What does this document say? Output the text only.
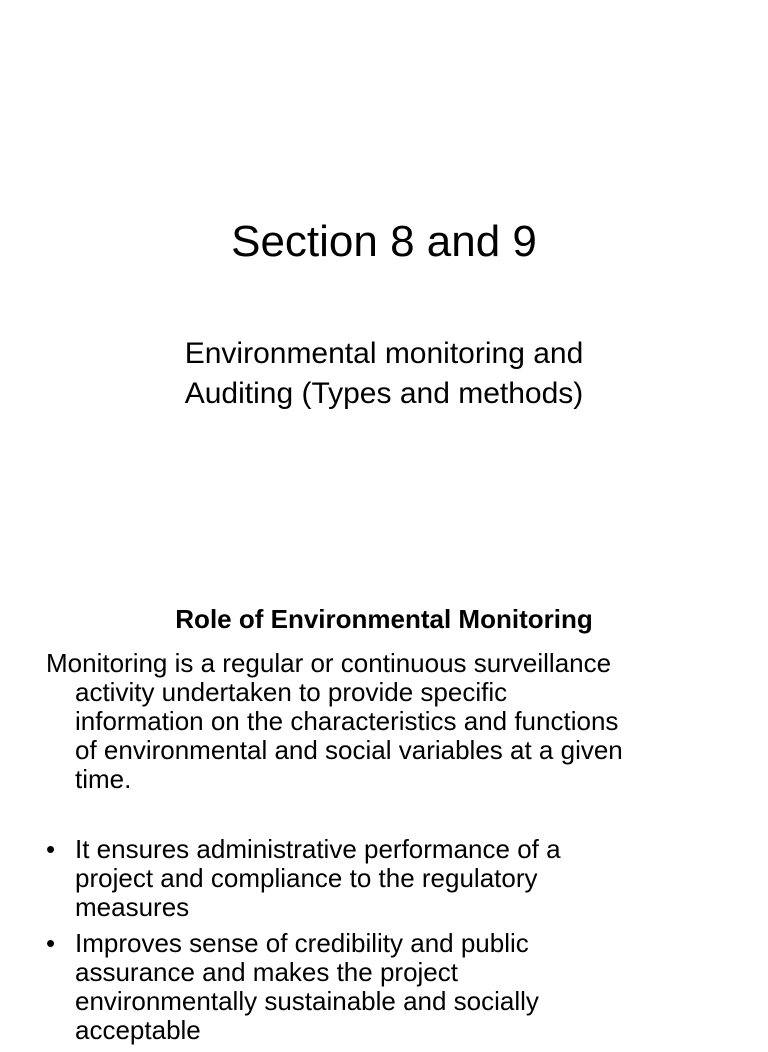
Section 8 and 9
Environmental monitoring and
Auditing (Types and methods)
Role of Environmental Monitoring
Monitoring is a regular or continuous surveillance
activity undertaken to provide specific
information on the characteristics and functions
of environmental and social variables at a given
time.
• It ensures administrative performance of a
project and compliance to the regulatory
measures
• Improves sense of credibility and public
assurance and makes the project
environmentally sustainable and socially
acceptable
